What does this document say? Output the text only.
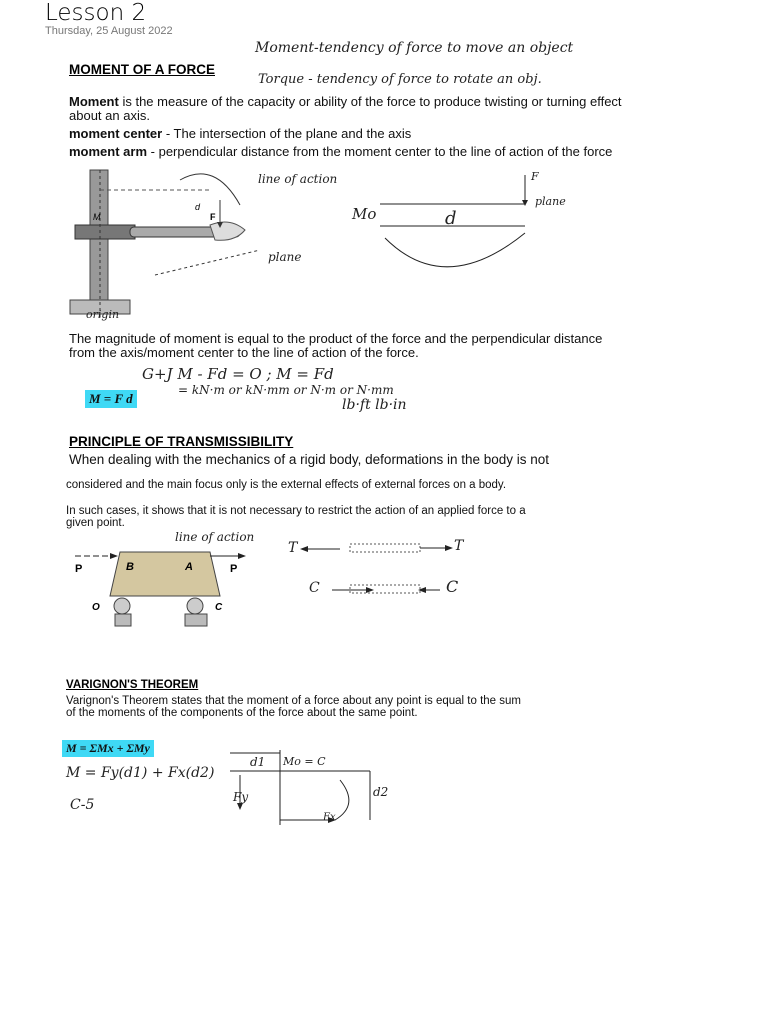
Lesson 2
Thursday, 25 August 2022
MOMENT OF A FORCE
Moment-tendency of force to move an object
Torque - tendency of force to rotate an obj.
Moment is the measure of the capacity or ability of the force to produce twisting or turning effect about an axis.
moment center - The intersection of the plane and the axis
moment arm - perpendicular distance from the moment center to the line of action of the force
d
F
M
line of action
plane
origin
F
plane
Mo	d
The magnitude of moment is equal to the product of the force and the perpendicular distance from the axis/moment center to the line of action of the force.
G+J M - Fd = O ; M = Fd
M = F d
= kN·m or kN·mm or N·m or N·mm
lb·ft lb·in
PRINCIPLE OF TRANSMISSIBILITY
When dealing with the mechanics of a rigid body, deformations in the body is not
considered and the main focus only is the external effects of external forces on a body.
In such cases, it shows that it is not necessary to restrict the action of an applied force to a given point.
P	P
B	A
O	C
line of action
T	T
C	C
VARIGNON'S THEOREM
Varignon's Theorem states that the moment of a force about any point is equal to the sum of the moments of the components of the force about the same point.
M = ΣMx + ΣMy
M = Fy(d1) + Fx(d2)
C-5
d1 Mo = C
d2
Fy
Fx
